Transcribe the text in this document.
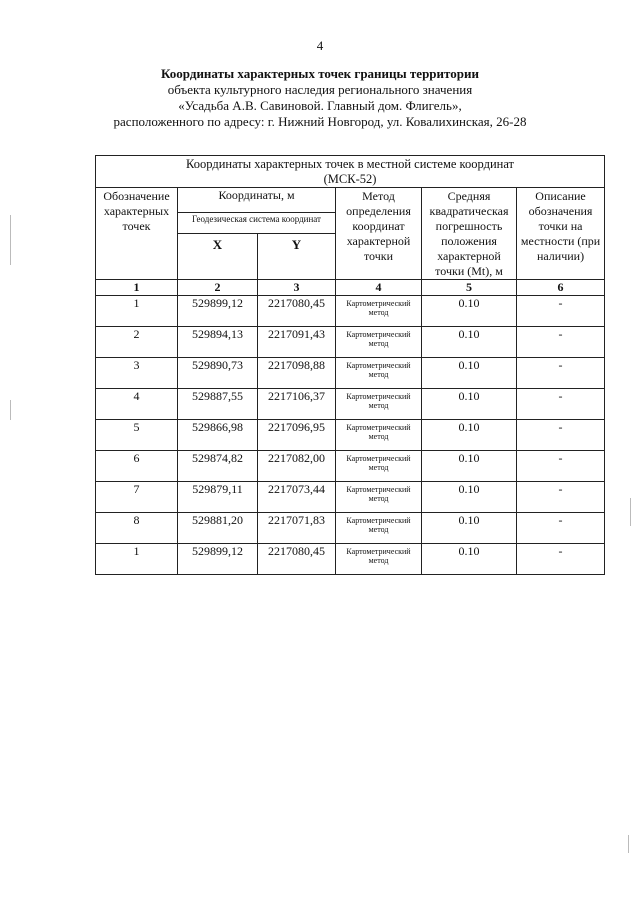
4
Координаты характерных точек границы территории
объекта культурного наследия регионального значения
«Усадьба А.В. Савиновой. Главный дом. Флигель»,
расположенного по адресу: г. Нижний Новгород, ул. Ковалихинская, 26-28
Координаты характерных точек в местной системе координат
(МСК-52)					

Обозначение характерных точек	Координаты, м		Метод определения координат характерной точки	Средняя квадратическая погрешность положения характерной точки (Mt), м	Описание обозначения точки на местности (при наличии)
	Геодезическая система координат				
	X	Y			
1	2	3	4	5	6
1	529899,12	2217080,45	Картометрический метод	0.10	-
2	529894,13	2217091,43	Картометрический метод	0.10	-
3	529890,73	2217098,88	Картометрический метод	0.10	-
4	529887,55	2217106,37	Картометрический метод	0.10	-
5	529866,98	2217096,95	Картометрический метод	0.10	-
6	529874,82	2217082,00	Картометрический метод	0.10	-
7	529879,11	2217073,44	Картометрический метод	0.10	-
8	529881,20	2217071,83	Картометрический метод	0.10	-
1	529899,12	2217080,45	Картометрический метод	0.10	-
